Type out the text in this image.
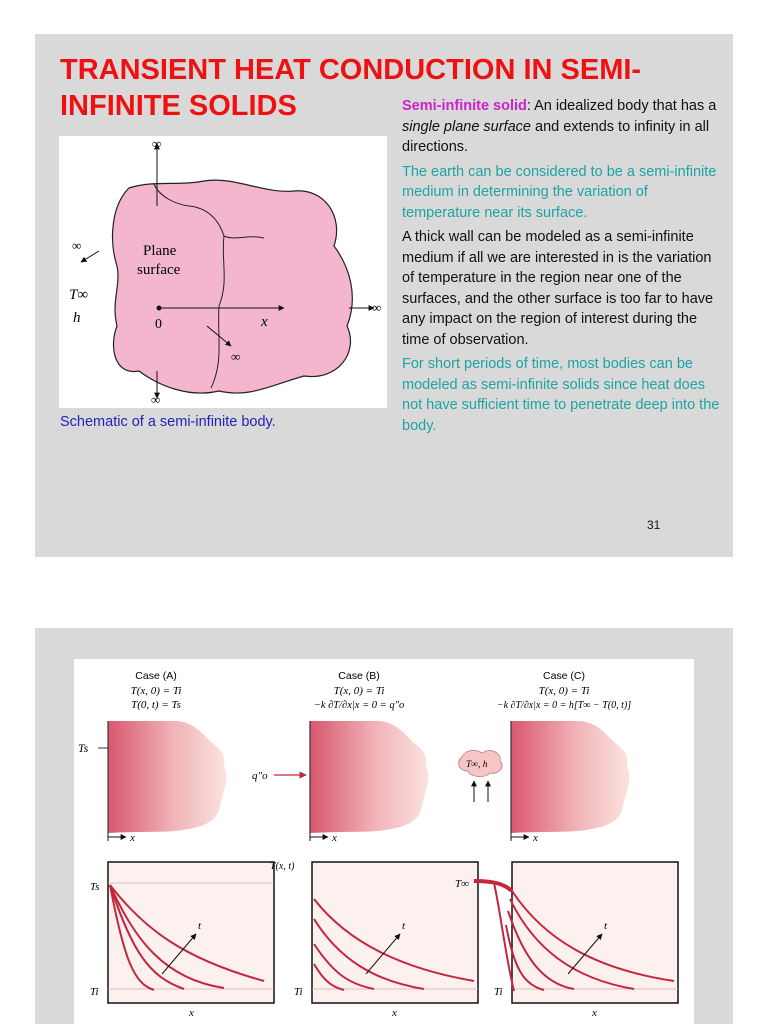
TRANSIENT HEAT CONDUCTION IN SEMI-
INFINITE SOLIDS
∞
∞
∞
∞
∞
Plane
surface
T∞
h	0	x
Schematic of a semi-infinite body.

Semi-infinite solid: An idealized body that has a single plane surface and extends to infinity in all directions.

The earth can be considered to be a semi-infinite medium in determining the variation of temperature near its surface.

A thick wall can be modeled as a semi-infinite medium if all we are interested in is the variation of temperature in the region near one of the surfaces, and the other surface is too far to have any impact on the region of interest during the time of observation.

For short periods of time, most bodies can be modeled as semi-infinite solids since heat does not have sufficient time to penetrate deep into the body.

31
Case (A)
T(x, 0) = Ti
T(0, t) = Ts
Case (B)
T(x, 0) = Ti
−k ∂T/∂x|x = 0 = q″o
Case (C)
T(x, 0) = Ti
−k ∂T/∂x|x = 0 = h[T∞ − T(0, t)]
Ts
x
q″o
x
T∞, h
x
t
Ts
Ti
x
t
T(x, t)
Ti
x
t
T∞
Ti
x
